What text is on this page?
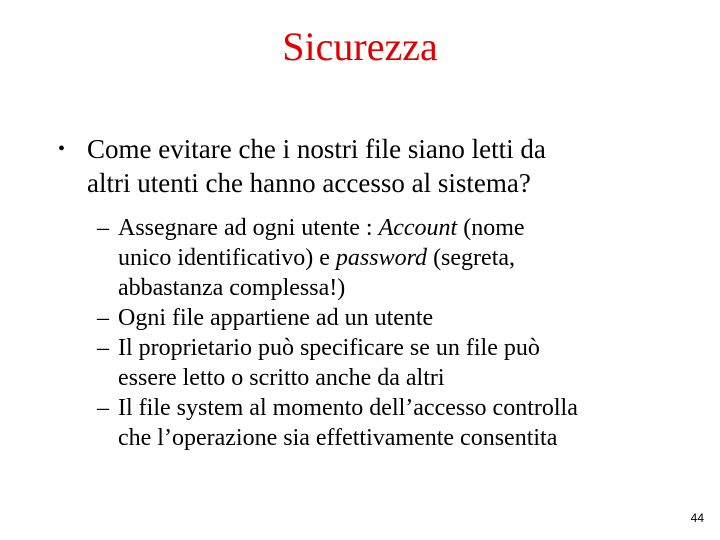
Sicurezza
• Come evitare che i nostri file siano letti da
altri utenti che hanno accesso al sistema?
– Assegnare ad ogni utente : Account (nome
unico identificativo) e password (segreta,
abbastanza complessa!)
– Ogni file appartiene ad un utente
– Il proprietario può specificare se un file può
essere letto o scritto anche da altri
– Il file system al momento dell’accesso controlla
che l’operazione sia effettivamente consentita
44
